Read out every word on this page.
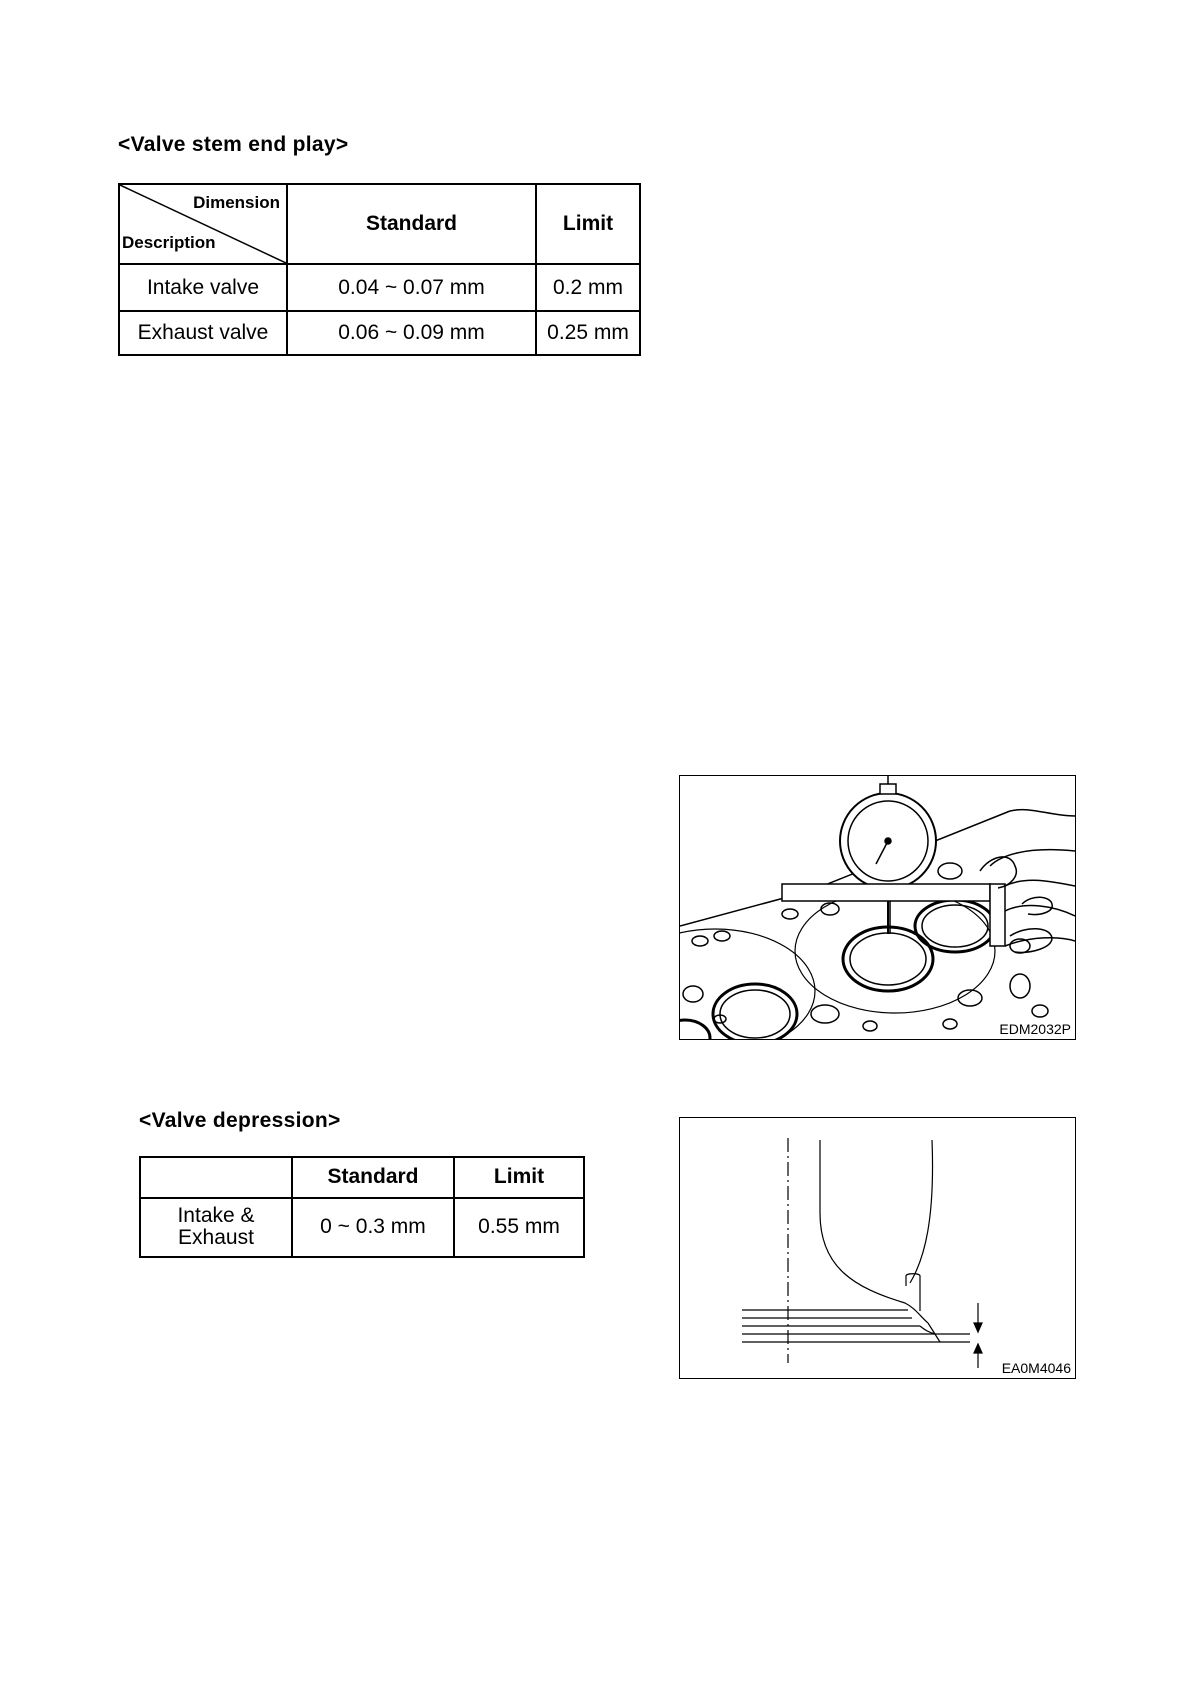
<Valve stem end play>
Dimension
Description	Standard	Limit
Intake valve	0.04 ~ 0.07 mm	0.2 mm
Exhaust valve	0.06 ~ 0.09 mm	0.25 mm
EDM2032P
<Valve depression>
	Standard	Limit

Intake &
Exhaust	0 ~ 0.3 mm	0.55 mm
EA0M4046
